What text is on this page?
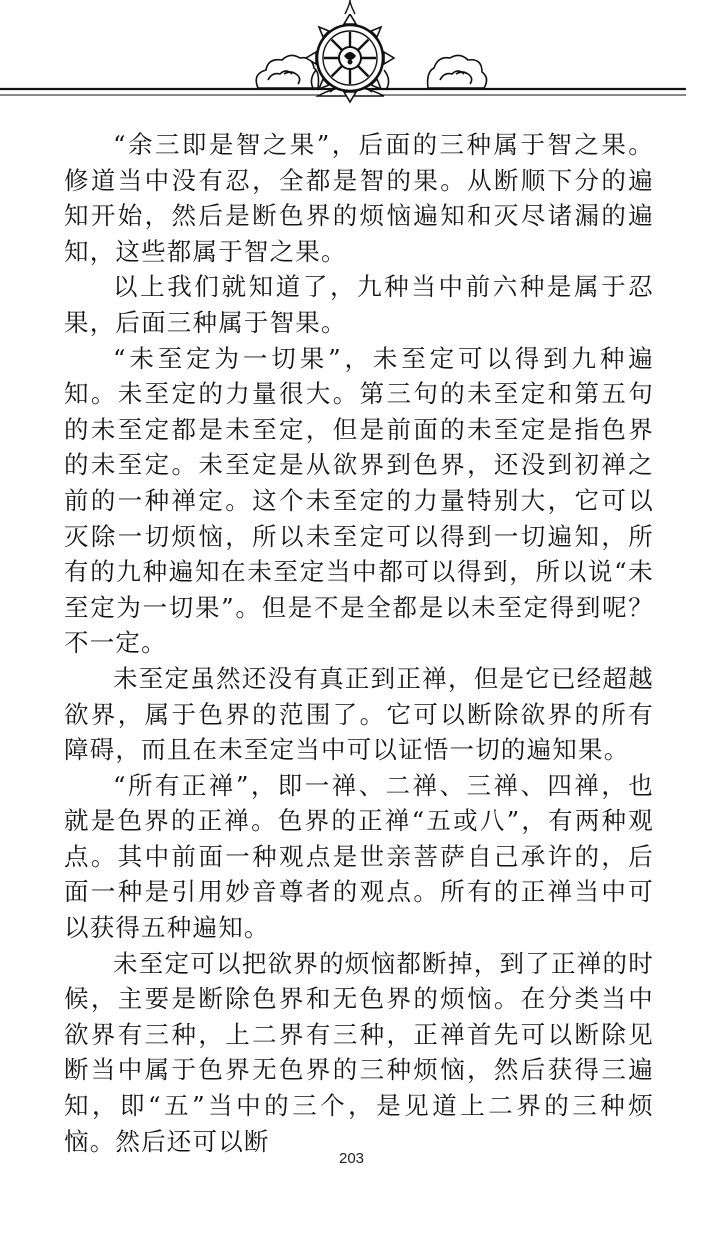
“余三即是智之果”，后面的三种属于智之果。修道当中没有忍，全都是智的果。从断顺下分的遍知开始，然后是断色界的烦恼遍知和灭尽诸漏的遍知，这些都属于智之果。

以上我们就知道了，九种当中前六种是属于忍果，后面三种属于智果。

“未至定为一切果”，未至定可以得到九种遍知。未至定的力量很大。第三句的未至定和第五句的未至定都是未至定，但是前面的未至定是指色界的未至定。未至定是从欲界到色界，还没到初禅之前的一种禅定。这个未至定的力量特别大，它可以灭除一切烦恼，所以未至定可以得到一切遍知，所有的九种遍知在未至定当中都可以得到，所以说“未至定为一切果”。但是不是全都是以未至定得到呢？不一定。

未至定虽然还没有真正到正禅，但是它已经超越欲界，属于色界的范围了。它可以断除欲界的所有障碍，而且在未至定当中可以证悟一切的遍知果。

“所有正禅”，即一禅、二禅、三禅、四禅，也就是色界的正禅。色界的正禅“五或八”，有两种观点。其中前面一种观点是世亲菩萨自己承许的，后面一种是引用妙音尊者的观点。所有的正禅当中可以获得五种遍知。

未至定可以把欲界的烦恼都断掉，到了正禅的时候，主要是断除色界和无色界的烦恼。在分类当中欲界有三种，上二界有三种，正禅首先可以断除见断当中属于色界无色界的三种烦恼，然后获得三遍知，即“五”当中的三个，是见道上二界的三种烦恼。然后还可以断

203
